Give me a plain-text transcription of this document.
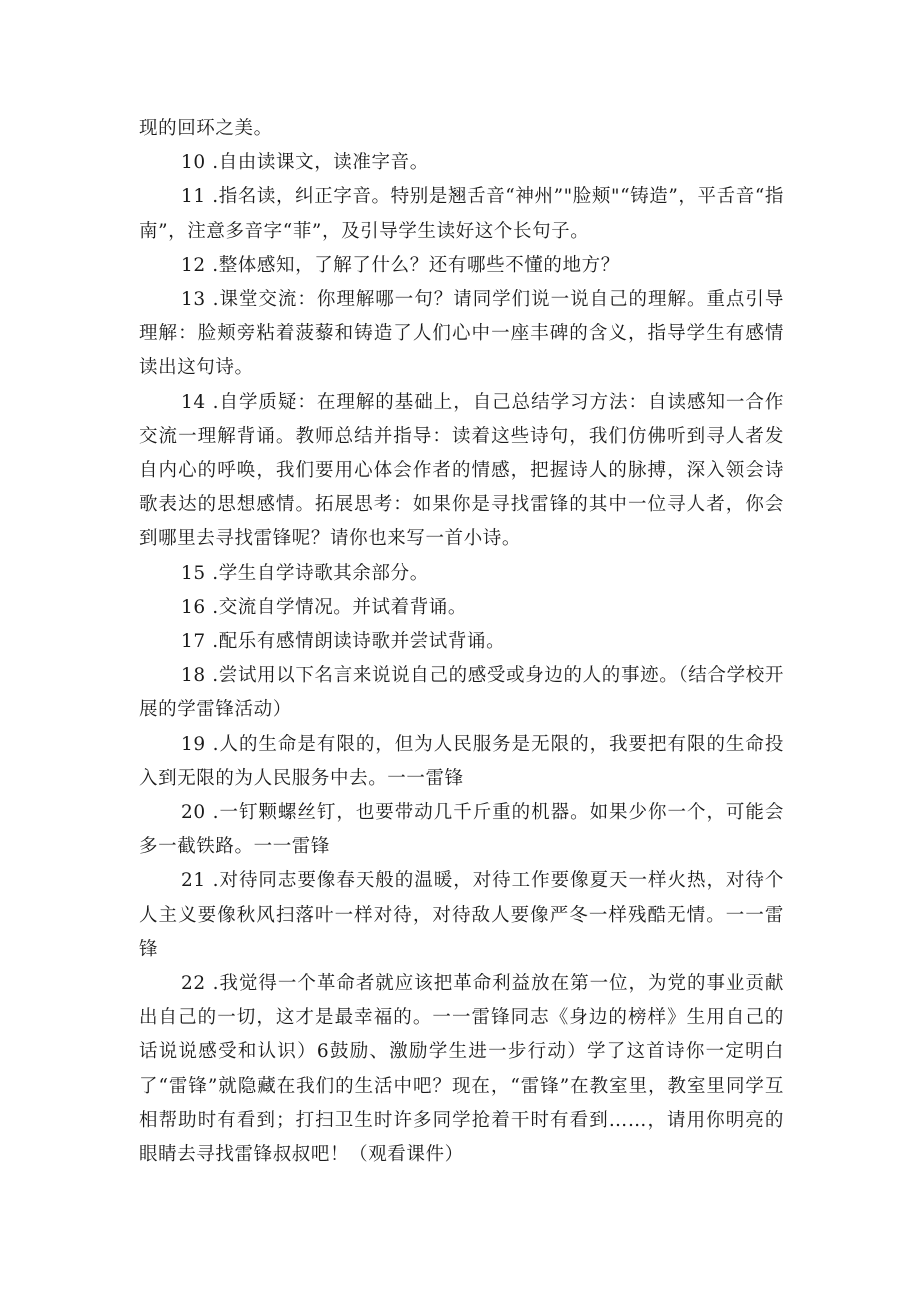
现的回环之美。

10 .自由读课文，读准字音。

11 .指名读，纠正字音。特别是翘舌音“神州”"脸颊"“铸造”，平舌音“指南”，注意多音字“菲”，及引导学生读好这个长句子。

12 .整体感知，了解了什么？还有哪些不懂的地方？

13 .课堂交流：你理解哪一句？请同学们说一说自己的理解。重点引导理解：脸颊旁粘着菠藜和铸造了人们心中一座丰碑的含义，指导学生有感情读出这句诗。

14 .自学质疑：在理解的基础上，自己总结学习方法：自读感知一合作交流一理解背诵。教师总结并指导：读着这些诗句，我们仿佛听到寻人者发自内心的呼唤，我们要用心体会作者的情感，把握诗人的脉搏，深入领会诗歌表达的思想感情。拓展思考：如果你是寻找雷锋的其中一位寻人者，你会到哪里去寻找雷锋呢？请你也来写一首小诗。

15 .学生自学诗歌其余部分。

16 .交流自学情况。并试着背诵。

17 .配乐有感情朗读诗歌并尝试背诵。

18 .尝试用以下名言来说说自己的感受或身边的人的事迹。（结合学校开展的学雷锋活动）

19 .人的生命是有限的，但为人民服务是无限的，我要把有限的生命投入到无限的为人民服务中去。一一雷锋

20 .一钉颗螺丝钉，也要带动几千斤重的机器。如果少你一个，可能会多一截铁路。一一雷锋

21 .对待同志要像春天般的温暖，对待工作要像夏天一样火热，对待个人主义要像秋风扫落叶一样对待，对待敌人要像严冬一样残酷无情。一一雷锋

22 .我觉得一个革命者就应该把革命利益放在第一位，为党的事业贡献出自己的一切，这才是最幸福的。一一雷锋同志《身边的榜样》生用自己的话说说感受和认识）6鼓励、激励学生进一步行动）学了这首诗你一定明白了“雷锋”就隐藏在我们的生活中吧？现在，“雷锋”在教室里，教室里同学互相帮助时有看到；打扫卫生时许多同学抢着干时有看到……，请用你明亮的眼睛去寻找雷锋叔叔吧！（观看课件）
